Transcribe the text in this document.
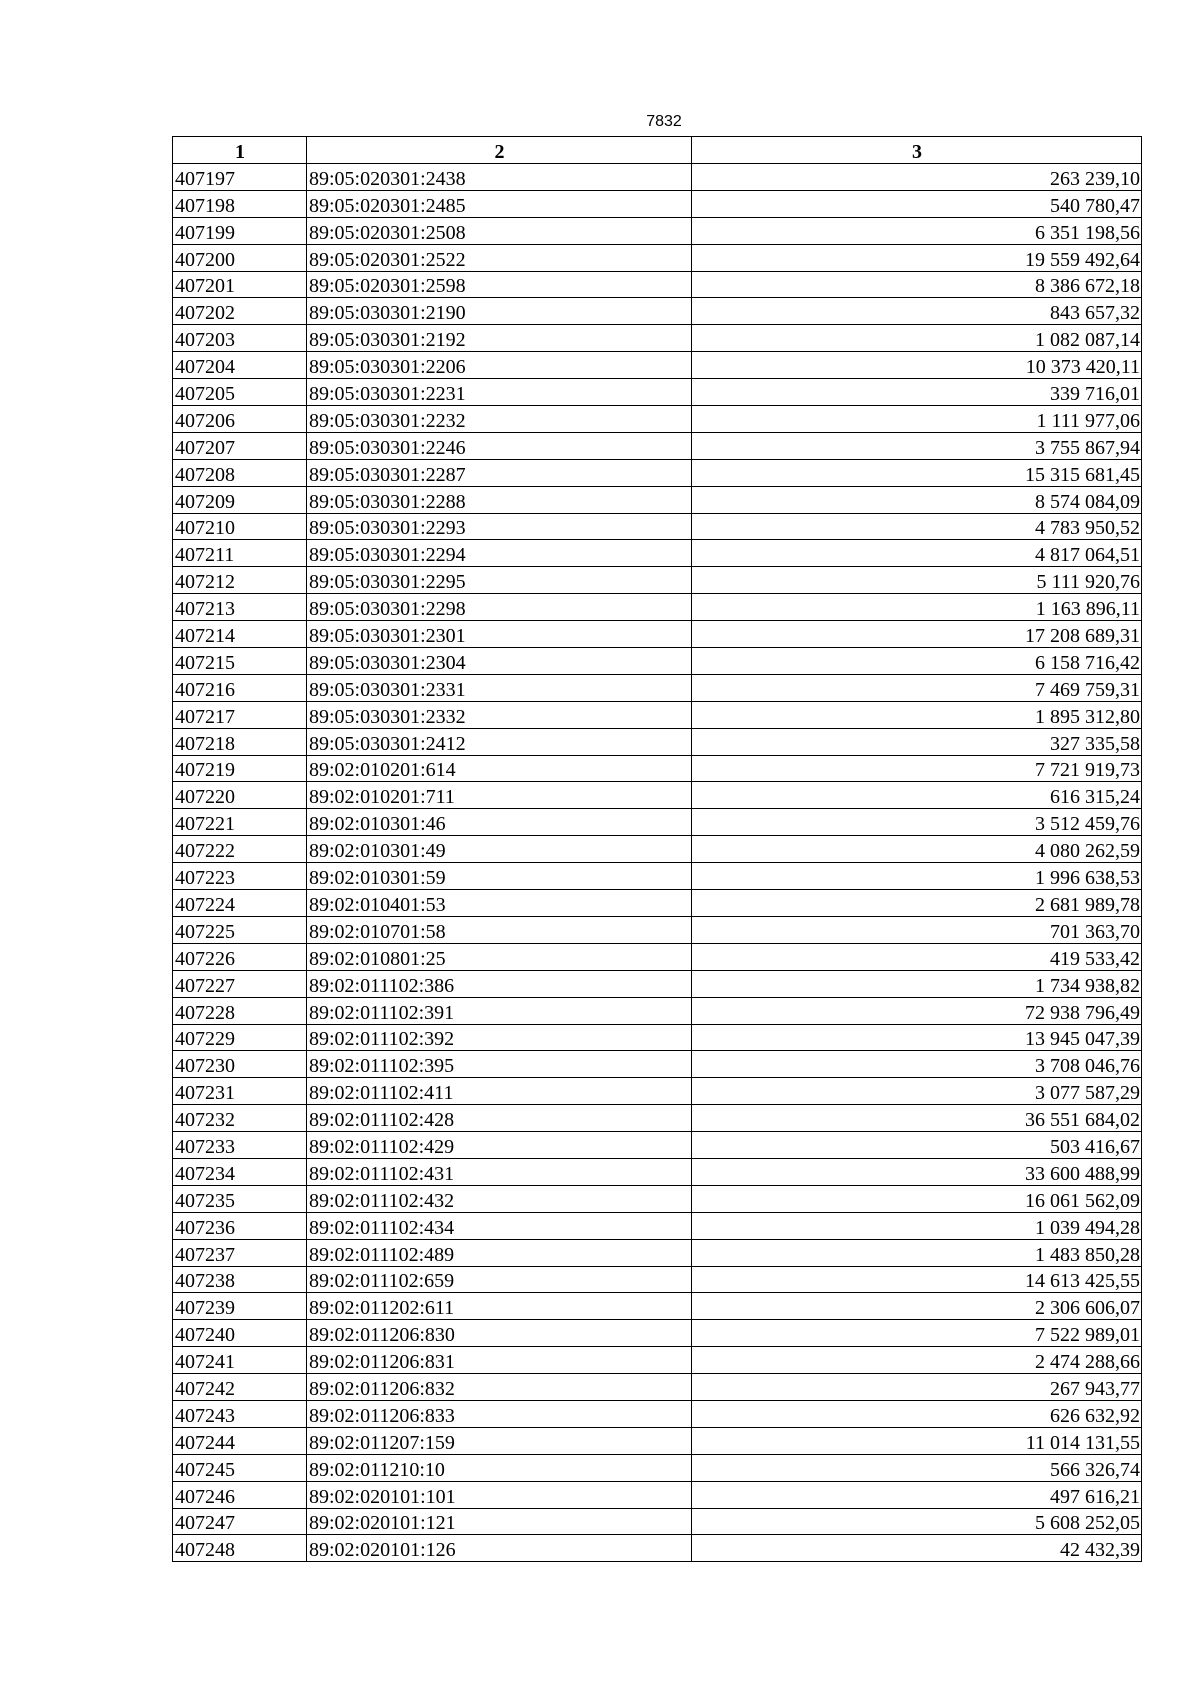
7832
1	2	3
407197	89:05:020301:2438	263 239,10
407198	89:05:020301:2485	540 780,47
407199	89:05:020301:2508	6 351 198,56
407200	89:05:020301:2522	19 559 492,64
407201	89:05:020301:2598	8 386 672,18
407202	89:05:030301:2190	843 657,32
407203	89:05:030301:2192	1 082 087,14
407204	89:05:030301:2206	10 373 420,11
407205	89:05:030301:2231	339 716,01
407206	89:05:030301:2232	1 111 977,06
407207	89:05:030301:2246	3 755 867,94
407208	89:05:030301:2287	15 315 681,45
407209	89:05:030301:2288	8 574 084,09
407210	89:05:030301:2293	4 783 950,52
407211	89:05:030301:2294	4 817 064,51
407212	89:05:030301:2295	5 111 920,76
407213	89:05:030301:2298	1 163 896,11
407214	89:05:030301:2301	17 208 689,31
407215	89:05:030301:2304	6 158 716,42
407216	89:05:030301:2331	7 469 759,31
407217	89:05:030301:2332	1 895 312,80
407218	89:05:030301:2412	327 335,58
407219	89:02:010201:614	7 721 919,73
407220	89:02:010201:711	616 315,24
407221	89:02:010301:46	3 512 459,76
407222	89:02:010301:49	4 080 262,59
407223	89:02:010301:59	1 996 638,53
407224	89:02:010401:53	2 681 989,78
407225	89:02:010701:58	701 363,70
407226	89:02:010801:25	419 533,42
407227	89:02:011102:386	1 734 938,82
407228	89:02:011102:391	72 938 796,49
407229	89:02:011102:392	13 945 047,39
407230	89:02:011102:395	3 708 046,76
407231	89:02:011102:411	3 077 587,29
407232	89:02:011102:428	36 551 684,02
407233	89:02:011102:429	503 416,67
407234	89:02:011102:431	33 600 488,99
407235	89:02:011102:432	16 061 562,09
407236	89:02:011102:434	1 039 494,28
407237	89:02:011102:489	1 483 850,28
407238	89:02:011102:659	14 613 425,55
407239	89:02:011202:611	2 306 606,07
407240	89:02:011206:830	7 522 989,01
407241	89:02:011206:831	2 474 288,66
407242	89:02:011206:832	267 943,77
407243	89:02:011206:833	626 632,92
407244	89:02:011207:159	11 014 131,55
407245	89:02:011210:10	566 326,74
407246	89:02:020101:101	497 616,21
407247	89:02:020101:121	5 608 252,05
407248	89:02:020101:126	42 432,39
